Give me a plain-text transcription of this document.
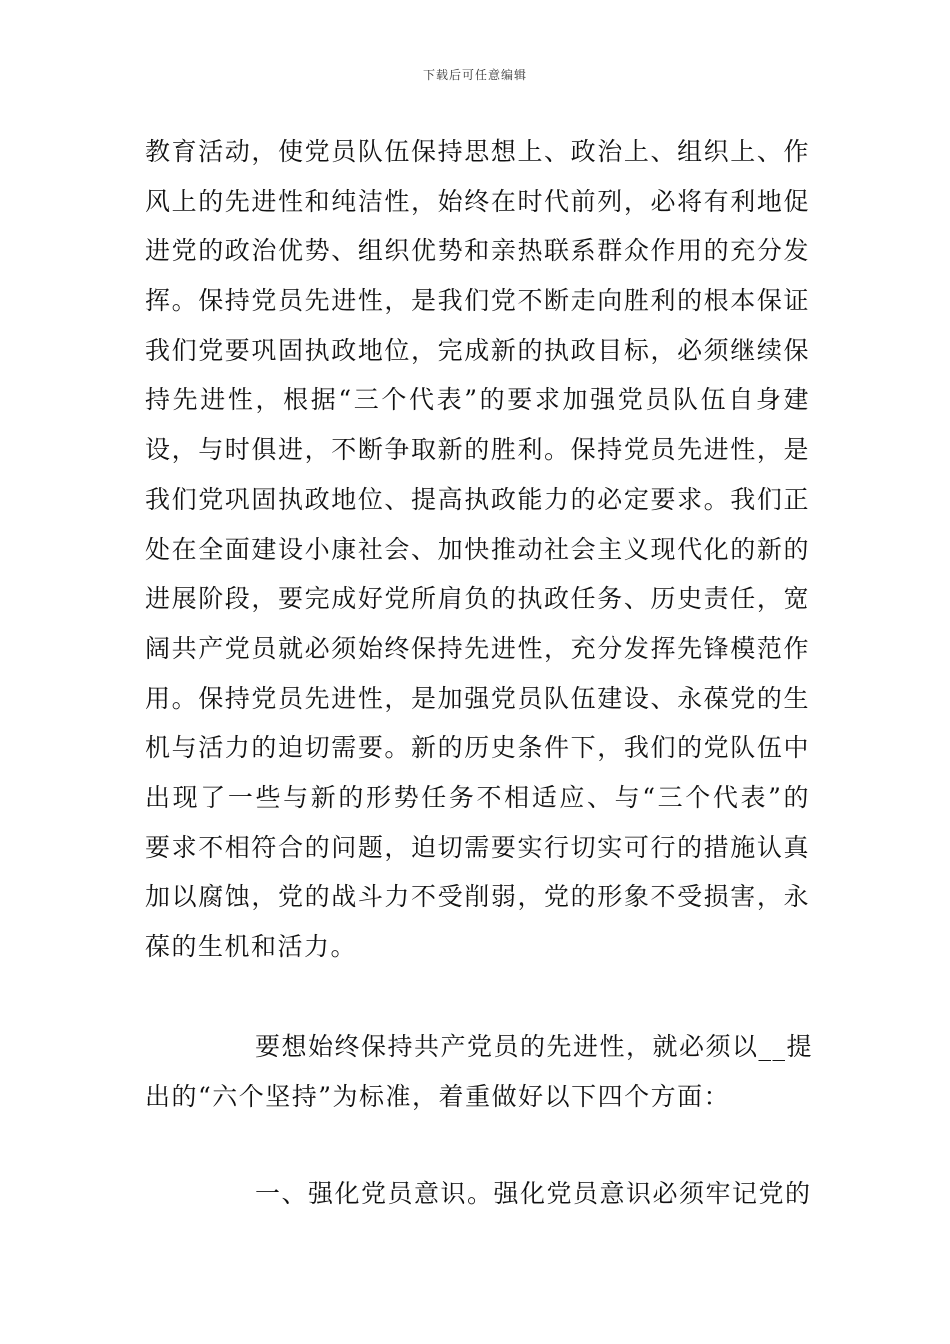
下载后可任意编辑
教育活动，使党员队伍保持思想上、政治上、组织上、作
风上的先进性和纯洁性，始终在时代前列，必将有利地促
进党的政治优势、组织优势和亲热联系群众作用的充分发
挥。保持党员先进性，是我们党不断走向胜利的根本保证
我们党要巩固执政地位，完成新的执政目标，必须继续保
持先进性，根据“三个代表”的要求加强党员队伍自身建
设，与时俱进，不断争取新的胜利。保持党员先进性，是
我们党巩固执政地位、提高执政能力的必定要求。我们正
处在全面建设小康社会、加快推动社会主义现代化的新的
进展阶段，要完成好党所肩负的执政任务、历史责任，宽
阔共产党员就必须始终保持先进性，充分发挥先锋模范作
用。保持党员先进性，是加强党员队伍建设、永葆党的生
机与活力的迫切需要。新的历史条件下，我们的党队伍中
出现了一些与新的形势任务不相适应、与“三个代表”的
要求不相符合的问题，迫切需要实行切实可行的措施认真
加以腐蚀，党的战斗力不受削弱，党的形象不受损害，永
葆的生机和活力。
要想始终保持共产党员的先进性，就必须以__提
出的“六个坚持”为标准，着重做好以下四个方面：
一、强化党员意识。强化党员意识必须牢记党的
